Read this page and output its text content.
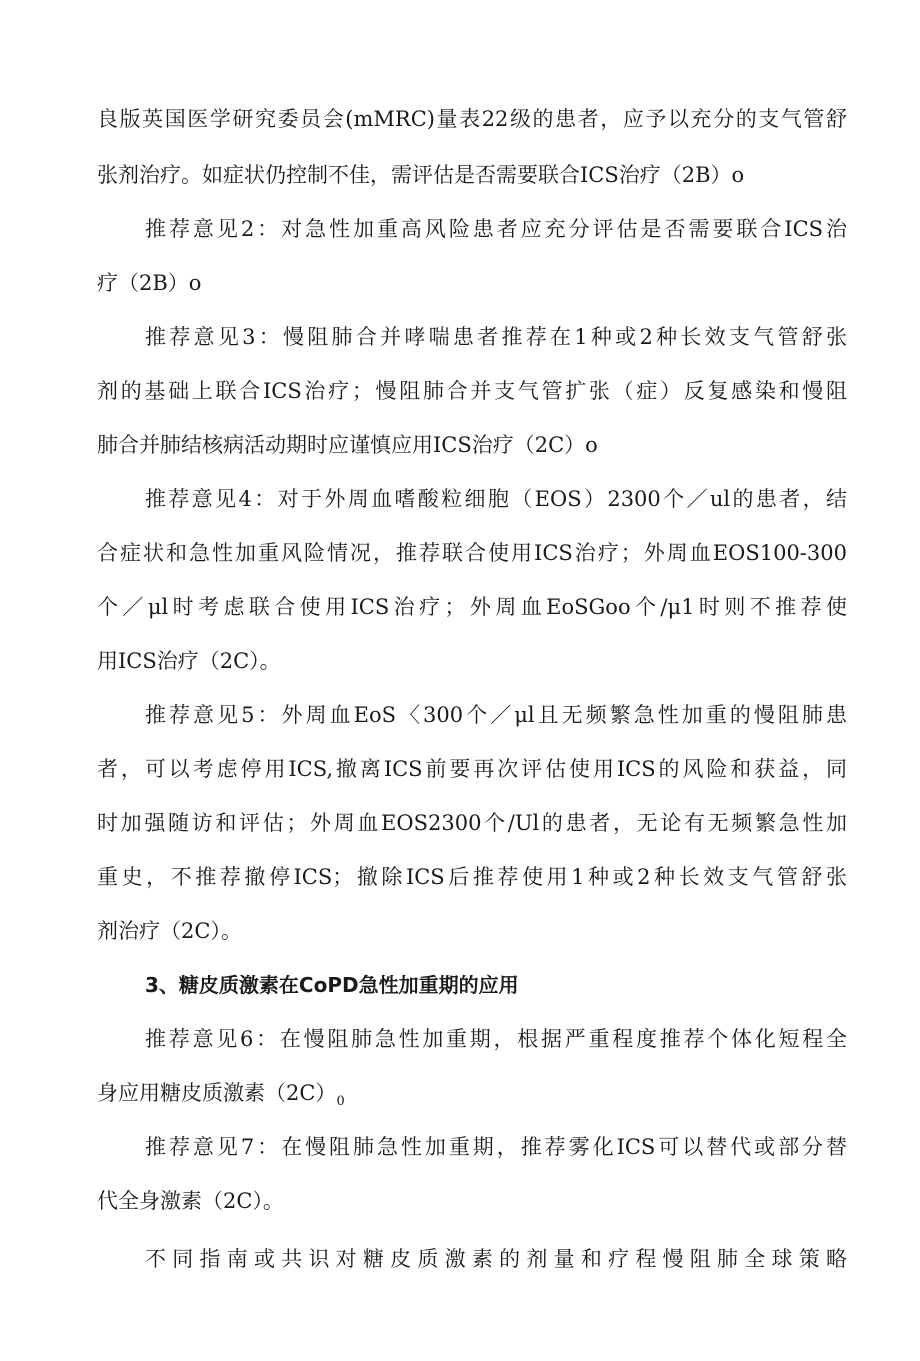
良版英国医学研究委员会(mMRC)量表22级的患者，应予以充分的支气管舒
张剂治疗。如症状仍控制不佳，需评估是否需要联合ICS治疗（2B）o
推荐意见2：对急性加重高风险患者应充分评估是否需要联合ICS治
疗（2B）o
推荐意见3：慢阻肺合并哮喘患者推荐在1种或2种长效支气管舒张
剂的基础上联合ICS治疗；慢阻肺合并支气管扩张（症）反复感染和慢阻
肺合并肺结核病活动期时应谨慎应用ICS治疗（2C）o
推荐意见4：对于外周血嗜酸粒细胞（EOS）2300个／ul的患者，结
合症状和急性加重风险情况，推荐联合使用ICS治疗；外周血EOS100-300
个／μl时考虑联合使用ICS治疗；外周血EoSGoo个/μ1时则不推荐使
用ICS治疗（2C）。
推荐意见5：外周血EoS〈300个／μl且无频繁急性加重的慢阻肺患
者，可以考虑停用ICS,撤离ICS前要再次评估使用ICS的风险和获益，同
时加强随访和评估；外周血EOS2300个/Ul的患者，无论有无频繁急性加
重史，不推荐撤停ICS；撤除ICS后推荐使用1种或2种长效支气管舒张
剂治疗（2C）。
3、糖皮质激素在CoPD急性加重期的应用
推荐意见6：在慢阻肺急性加重期，根据严重程度推荐个体化短程全
身应用糖皮质激素$(2C)_0$
推荐意见7：在慢阻肺急性加重期，推荐雾化ICS可以替代或部分替
代全身激素（2C）。
不同指南或共识对糖皮质激素的剂量和疗程慢阻肺全球策略
